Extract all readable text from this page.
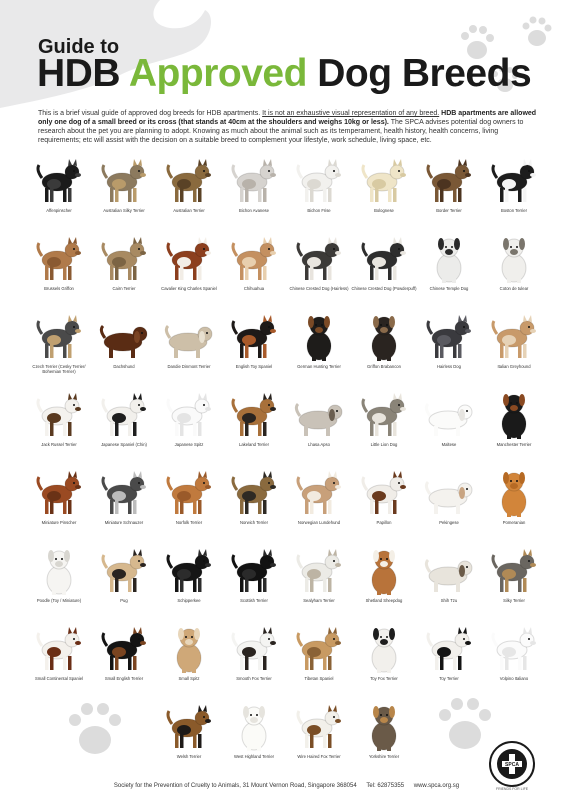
Guide to
HDB Approved Dog Breeds
This is a brief visual guide of approved dog breeds for HDB apartments. It is not an exhaustive visual representation of any breed. HDB apartments are allowed only one dog of a small breed or its cross (that stands at 40cm at the shoulders and weighs 10kg or less). The SPCA advises potential dog owners to research about the pet you are planning to adopt. Knowing as much about the animal such as its temperament, health history, health concerns, living requirements; etc will assist with the decision on a suitable breed to complement your lifestyle, work schedule, living space, etc.
Affenpinscher	Australian Silky Terrier	Australian Terrier	Bichon Avanese	Bichon Frise	Bolognese	Border Terrier	Boston Terrier
Brussels Griffon	Cairn Terrier	Cavalier King Charles Spaniel	Chihuahua	Chinese Crested Dog (Hairless) Chinese Crested Dog (Powderpuff)	Chinese Temple Dog	Coton de tulear
Czech Terrier (Cesky Terrier/ Bohemian Terrier)
Dachshund	Dandie Dinmont Terrier	English Toy Spaniel	German Hunting Terrier	Griffon Brabancon	Hairless Dog	Italian Greyhound
Jack Russel Terrier	Japanese Spaniel (Chin)	Japanese Spitz	Lakeland Terrier	Lhasa Apso	Little Lion Dog	Maltese	Manchester Terrier
Miniature Pinscher	Miniature Schnauzer	Norfolk Terrier	Norwich Terrier	Norwegian Lundehund	Papillon	Pekingese	Pomeranian
Poodle (Toy / Miniature)	Pug	Schipperkee	Scottish Terrier	Sealyham Terrier	Shetland Sheepdog	Shih Tzu	Silky Terrier
Small Continental Spaniel	Small English Terrier	Small Spitz	Smooth Fox Terrier	Tibetan Spaniel	Toy Fox Terrier	Toy Terrier	Volpino Italiano
Welsh Terrier	West Highland Terrier	Wire Haired Fox Terrier	Yorkshire Terrier
Society for the Prevention of Cruelty to Animals, 31 Mount Vernon Road, Singapore 368054 Tel: 62875355 www.spca.org.sg
SPCA
FRIENDS FOR LIFE
